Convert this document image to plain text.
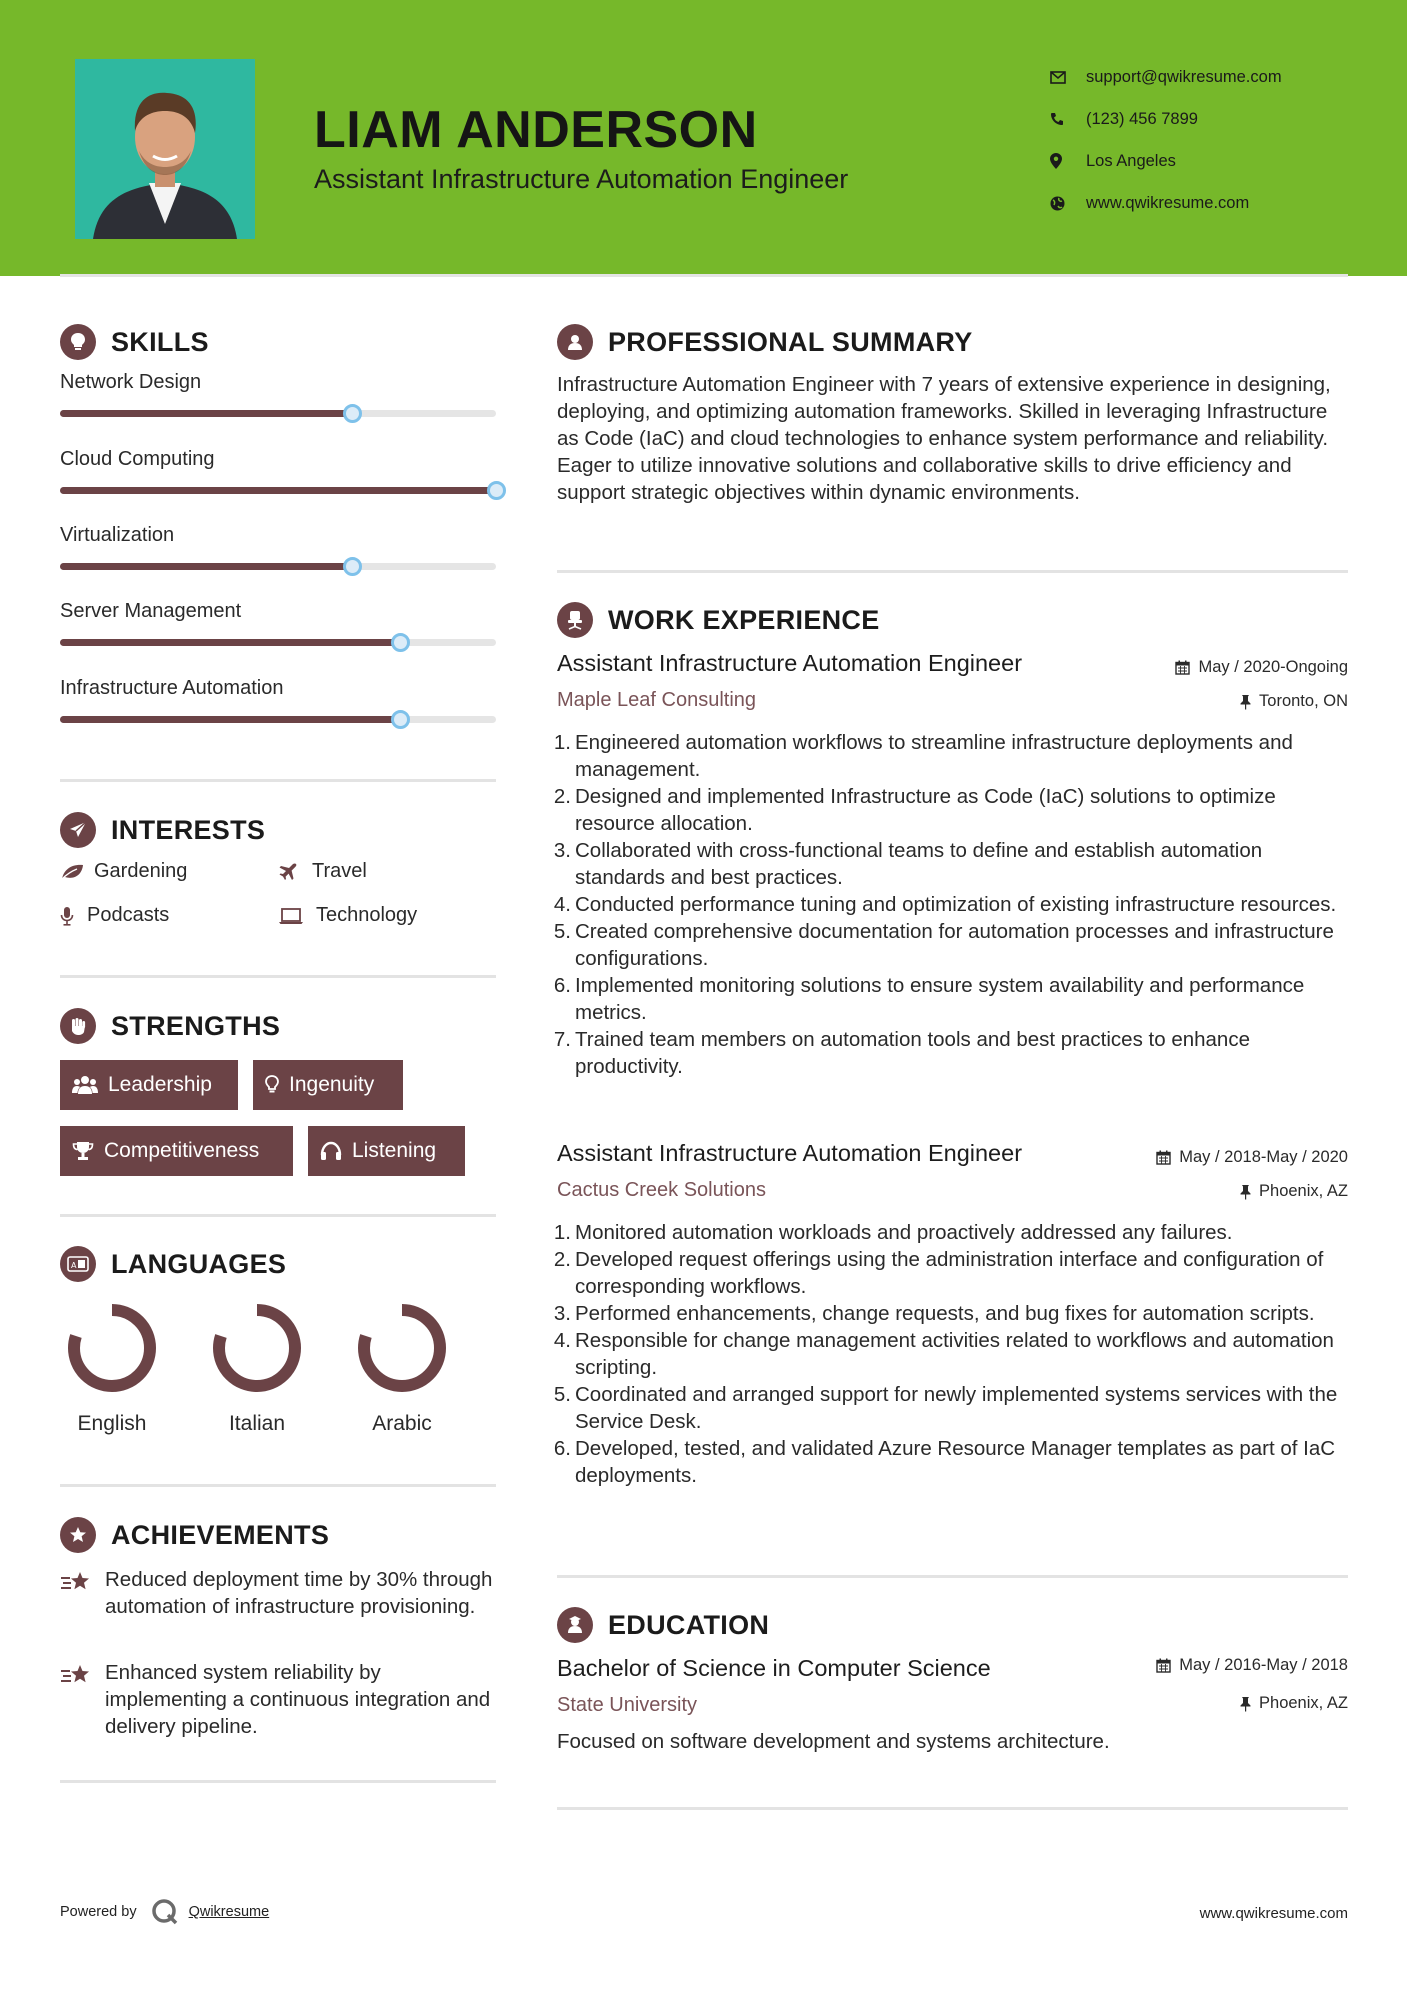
LIAM ANDERSON
Assistant Infrastructure Automation Engineer
support@qwikresume.com
(123) 456 7899
Los Angeles
www.qwikresume.com
SKILLS
Network Design
Cloud Computing
Virtualization
Server Management
Infrastructure Automation
INTERESTS
Gardening	Travel
Podcasts	Technology
STRENGTHS
Leadership	Ingenuity
Competitiveness	Listening
A LANGUAGES
English	Italian	Arabic
ACHIEVEMENTS
Reduced deployment time by 30% through automation of infrastructure provisioning.
Enhanced system reliability by implementing a continuous integration and delivery pipeline.
PROFESSIONAL SUMMARY
Infrastructure Automation Engineer with 7 years of extensive experience in designing, deploying, and optimizing automation frameworks. Skilled in leveraging Infrastructure as Code (IaC) and cloud technologies to enhance system performance and reliability. Eager to utilize innovative solutions and collaborative skills to drive efficiency and support strategic objectives within dynamic environments.
WORK EXPERIENCE
Assistant Infrastructure Automation Engineer	May / 2020-Ongoing
Maple Leaf Consulting	Toronto, ON
1. Engineered automation workflows to streamline infrastructure deployments and management.
2. Designed and implemented Infrastructure as Code (IaC) solutions to optimize resource allocation.
3. Collaborated with cross-functional teams to define and establish automation standards and best practices.
4. Conducted performance tuning and optimization of existing infrastructure resources.
5. Created comprehensive documentation for automation processes and infrastructure configurations.
6. Implemented monitoring solutions to ensure system availability and performance metrics.
7. Trained team members on automation tools and best practices to enhance productivity.
Assistant Infrastructure Automation Engineer	May / 2018-May / 2020
Cactus Creek Solutions	Phoenix, AZ
1. Monitored automation workloads and proactively addressed any failures.
2. Developed request offerings using the administration interface and configuration of corresponding workflows.
3. Performed enhancements, change requests, and bug fixes for automation scripts.
4. Responsible for change management activities related to workflows and automation scripting.
5. Coordinated and arranged support for newly implemented systems services with the Service Desk.
6. Developed, tested, and validated Azure Resource Manager templates as part of IaC deployments.
EDUCATION
Bachelor of Science in Computer Science	May / 2016-May / 2018
State University	Phoenix, AZ
Focused on software development and systems architecture.
Powered by	Qwikresume	www.qwikresume.com
